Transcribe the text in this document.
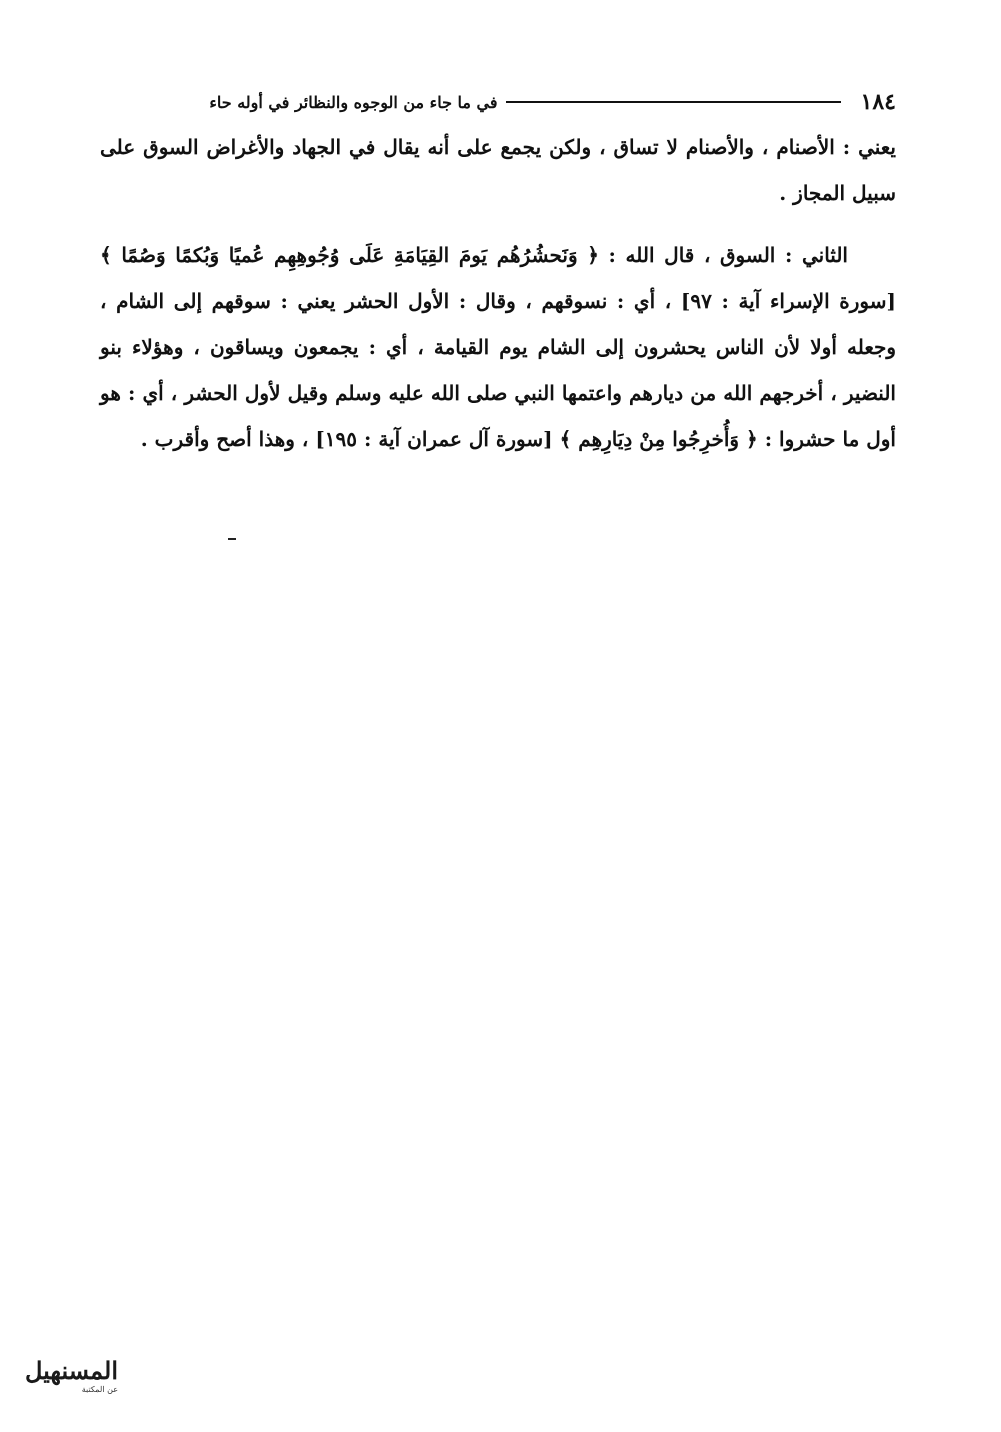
١٨٤
في ما جاء من الوجوه والنظائر في أوله حاء

يعني : الأصنام ، والأصنام لا تساق ، ولكن يجمع على أنه يقال في الجهاد والأغراض السوق على سبيل المجاز .

الثاني : السوق ، قال الله : ﴿ وَنَحشُرُهُم يَومَ القِيَامَةِ عَلَى وُجُوهِهِم عُميًا وَبُكمًا وَصُمًا ﴾ [سورة الإسراء آية : ٩٧] ، أي : نسوقهم ، وقال : الأول الحشر يعني : سوقهم إلى الشام ، وجعله أولا لأن الناس يحشرون إلى الشام يوم القيامة ، أي : يجمعون ويساقون ، وهؤلاء بنو النضير ، أخرجهم الله من ديارهم واعتمها النبي صلى الله عليه وسلم وقيل لأول الحشر ، أي : هو أول ما حشروا : ﴿ وَأُخرِجُوا مِنْ دِيَارِهِم ﴾ [سورة آل عمران آية : ١٩٥] ، وهذا أصح وأقرب .

المسنهيل
عن المكتبة
